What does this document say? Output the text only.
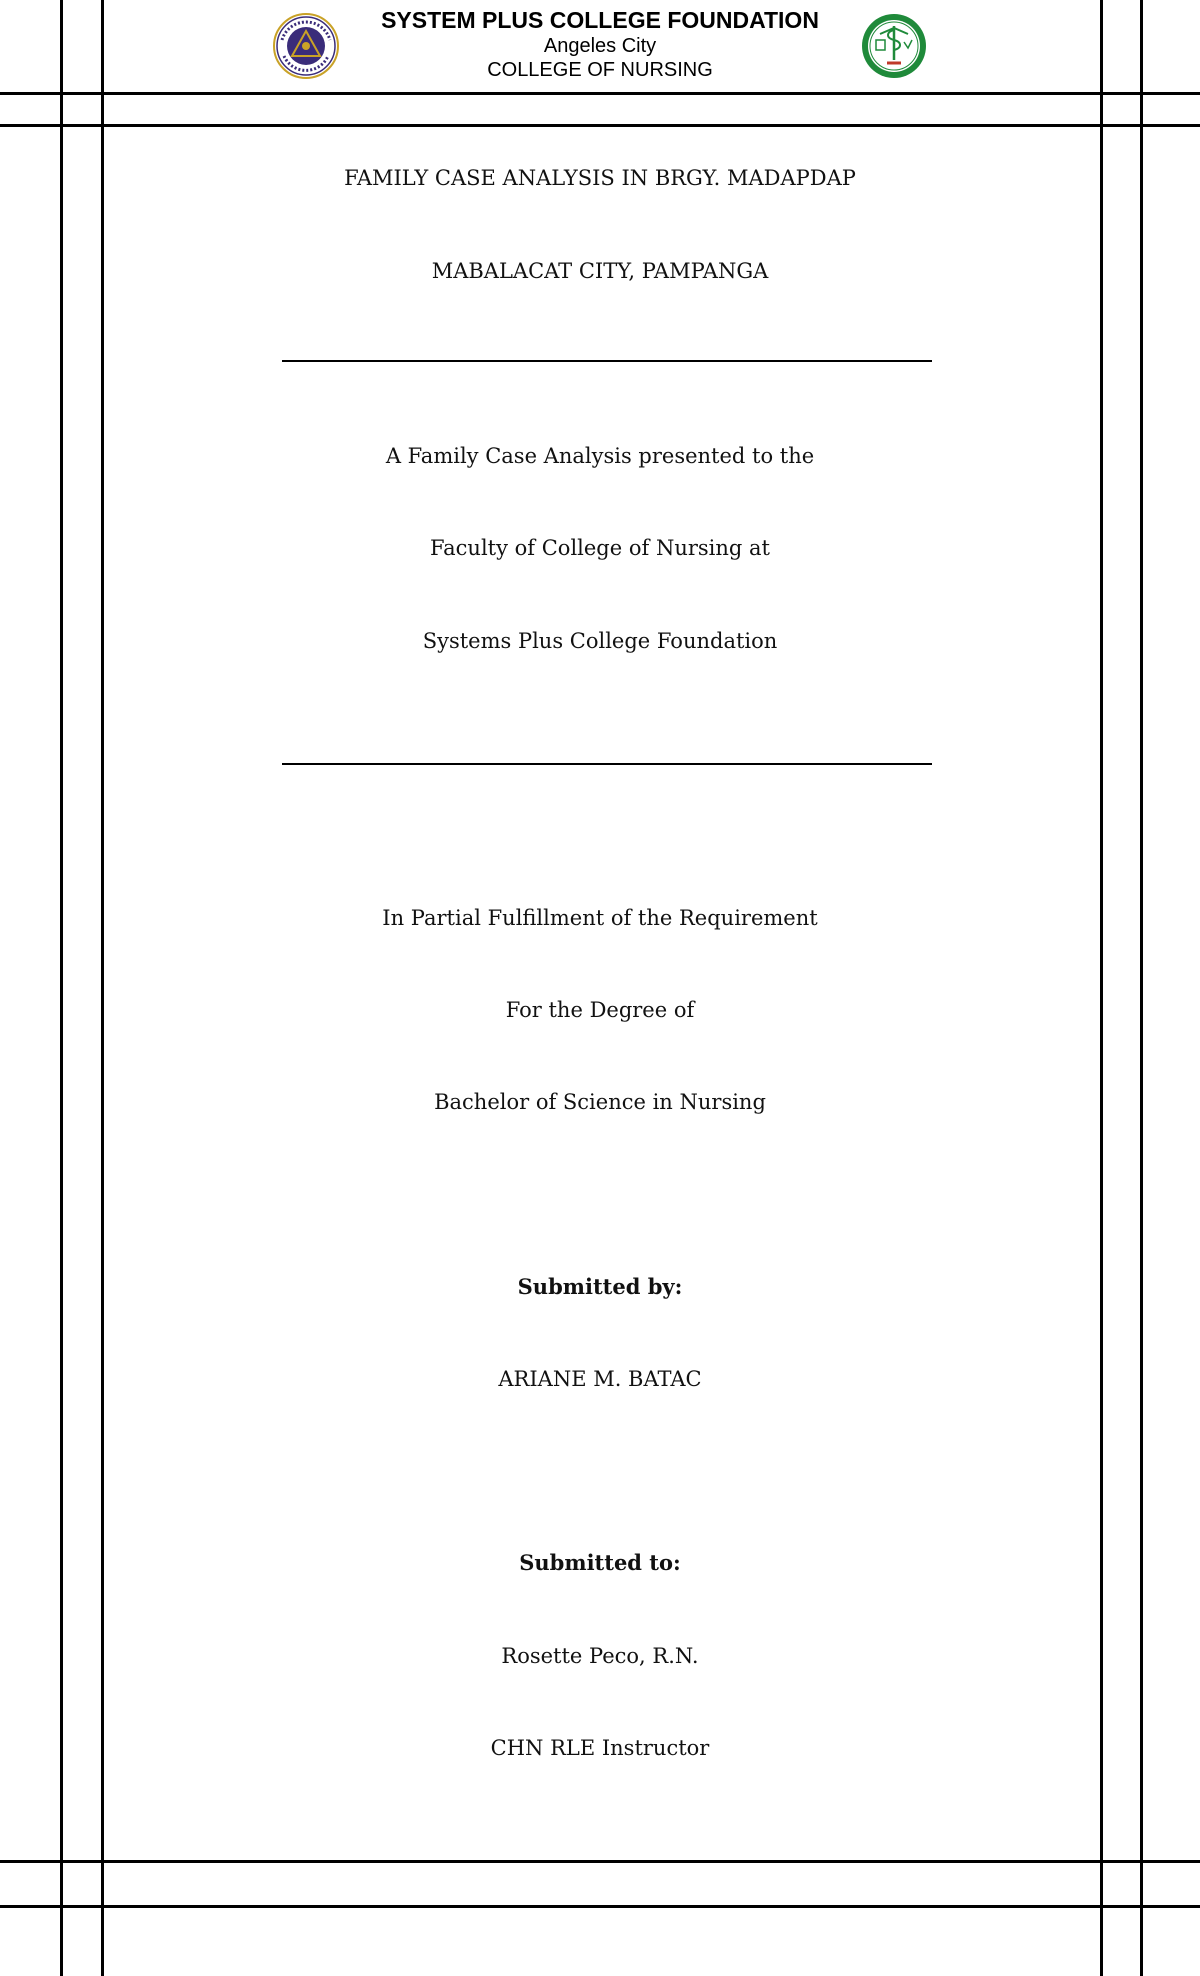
SYSTEM PLUS COLLEGE FOUNDATION
Angeles City
COLLEGE OF NURSING
FAMILY CASE ANALYSIS IN BRGY. MADAPDAP
MABALACAT CITY, PAMPANGA
A Family Case Analysis presented to the
Faculty of College of Nursing at
Systems Plus College Foundation
In Partial Fulfillment of the Requirement
For the Degree of
Bachelor of Science in Nursing
Submitted by:
ARIANE M. BATAC
Submitted to:
Rosette Peco, R.N.
CHN RLE Instructor
